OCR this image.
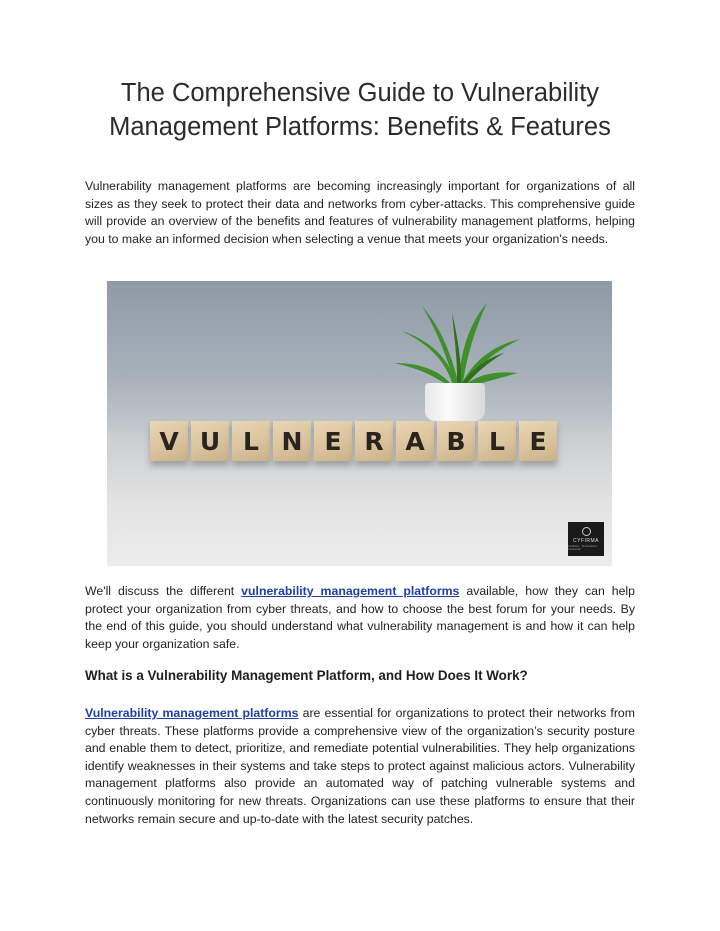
The Comprehensive Guide to Vulnerability Management Platforms: Benefits & Features

Vulnerability management platforms are becoming increasingly important for organizations of all sizes as they seek to protect their data and networks from cyber-attacks. This comprehensive guide will provide an overview of the benefits and features of vulnerability management platforms, helping you to make an informed decision when selecting a venue that meets your organization's needs.

V U L N E R A B L E
CYFIRMA
Predictive · Personalized · Contextual

We'll discuss the different vulnerability management platforms available, how they can help protect your organization from cyber threats, and how to choose the best forum for your needs. By the end of this guide, you should understand what vulnerability management is and how it can help keep your organization safe.

What is a Vulnerability Management Platform, and How Does It Work?

Vulnerability management platforms are essential for organizations to protect their networks from cyber threats. These platforms provide a comprehensive view of the organization’s security posture and enable them to detect, prioritize, and remediate potential vulnerabilities. They help organizations identify weaknesses in their systems and take steps to protect against malicious actors. Vulnerability management platforms also provide an automated way of patching vulnerable systems and continuously monitoring for new threats. Organizations can use these platforms to ensure that their networks remain secure and up-to-date with the latest security patches.
